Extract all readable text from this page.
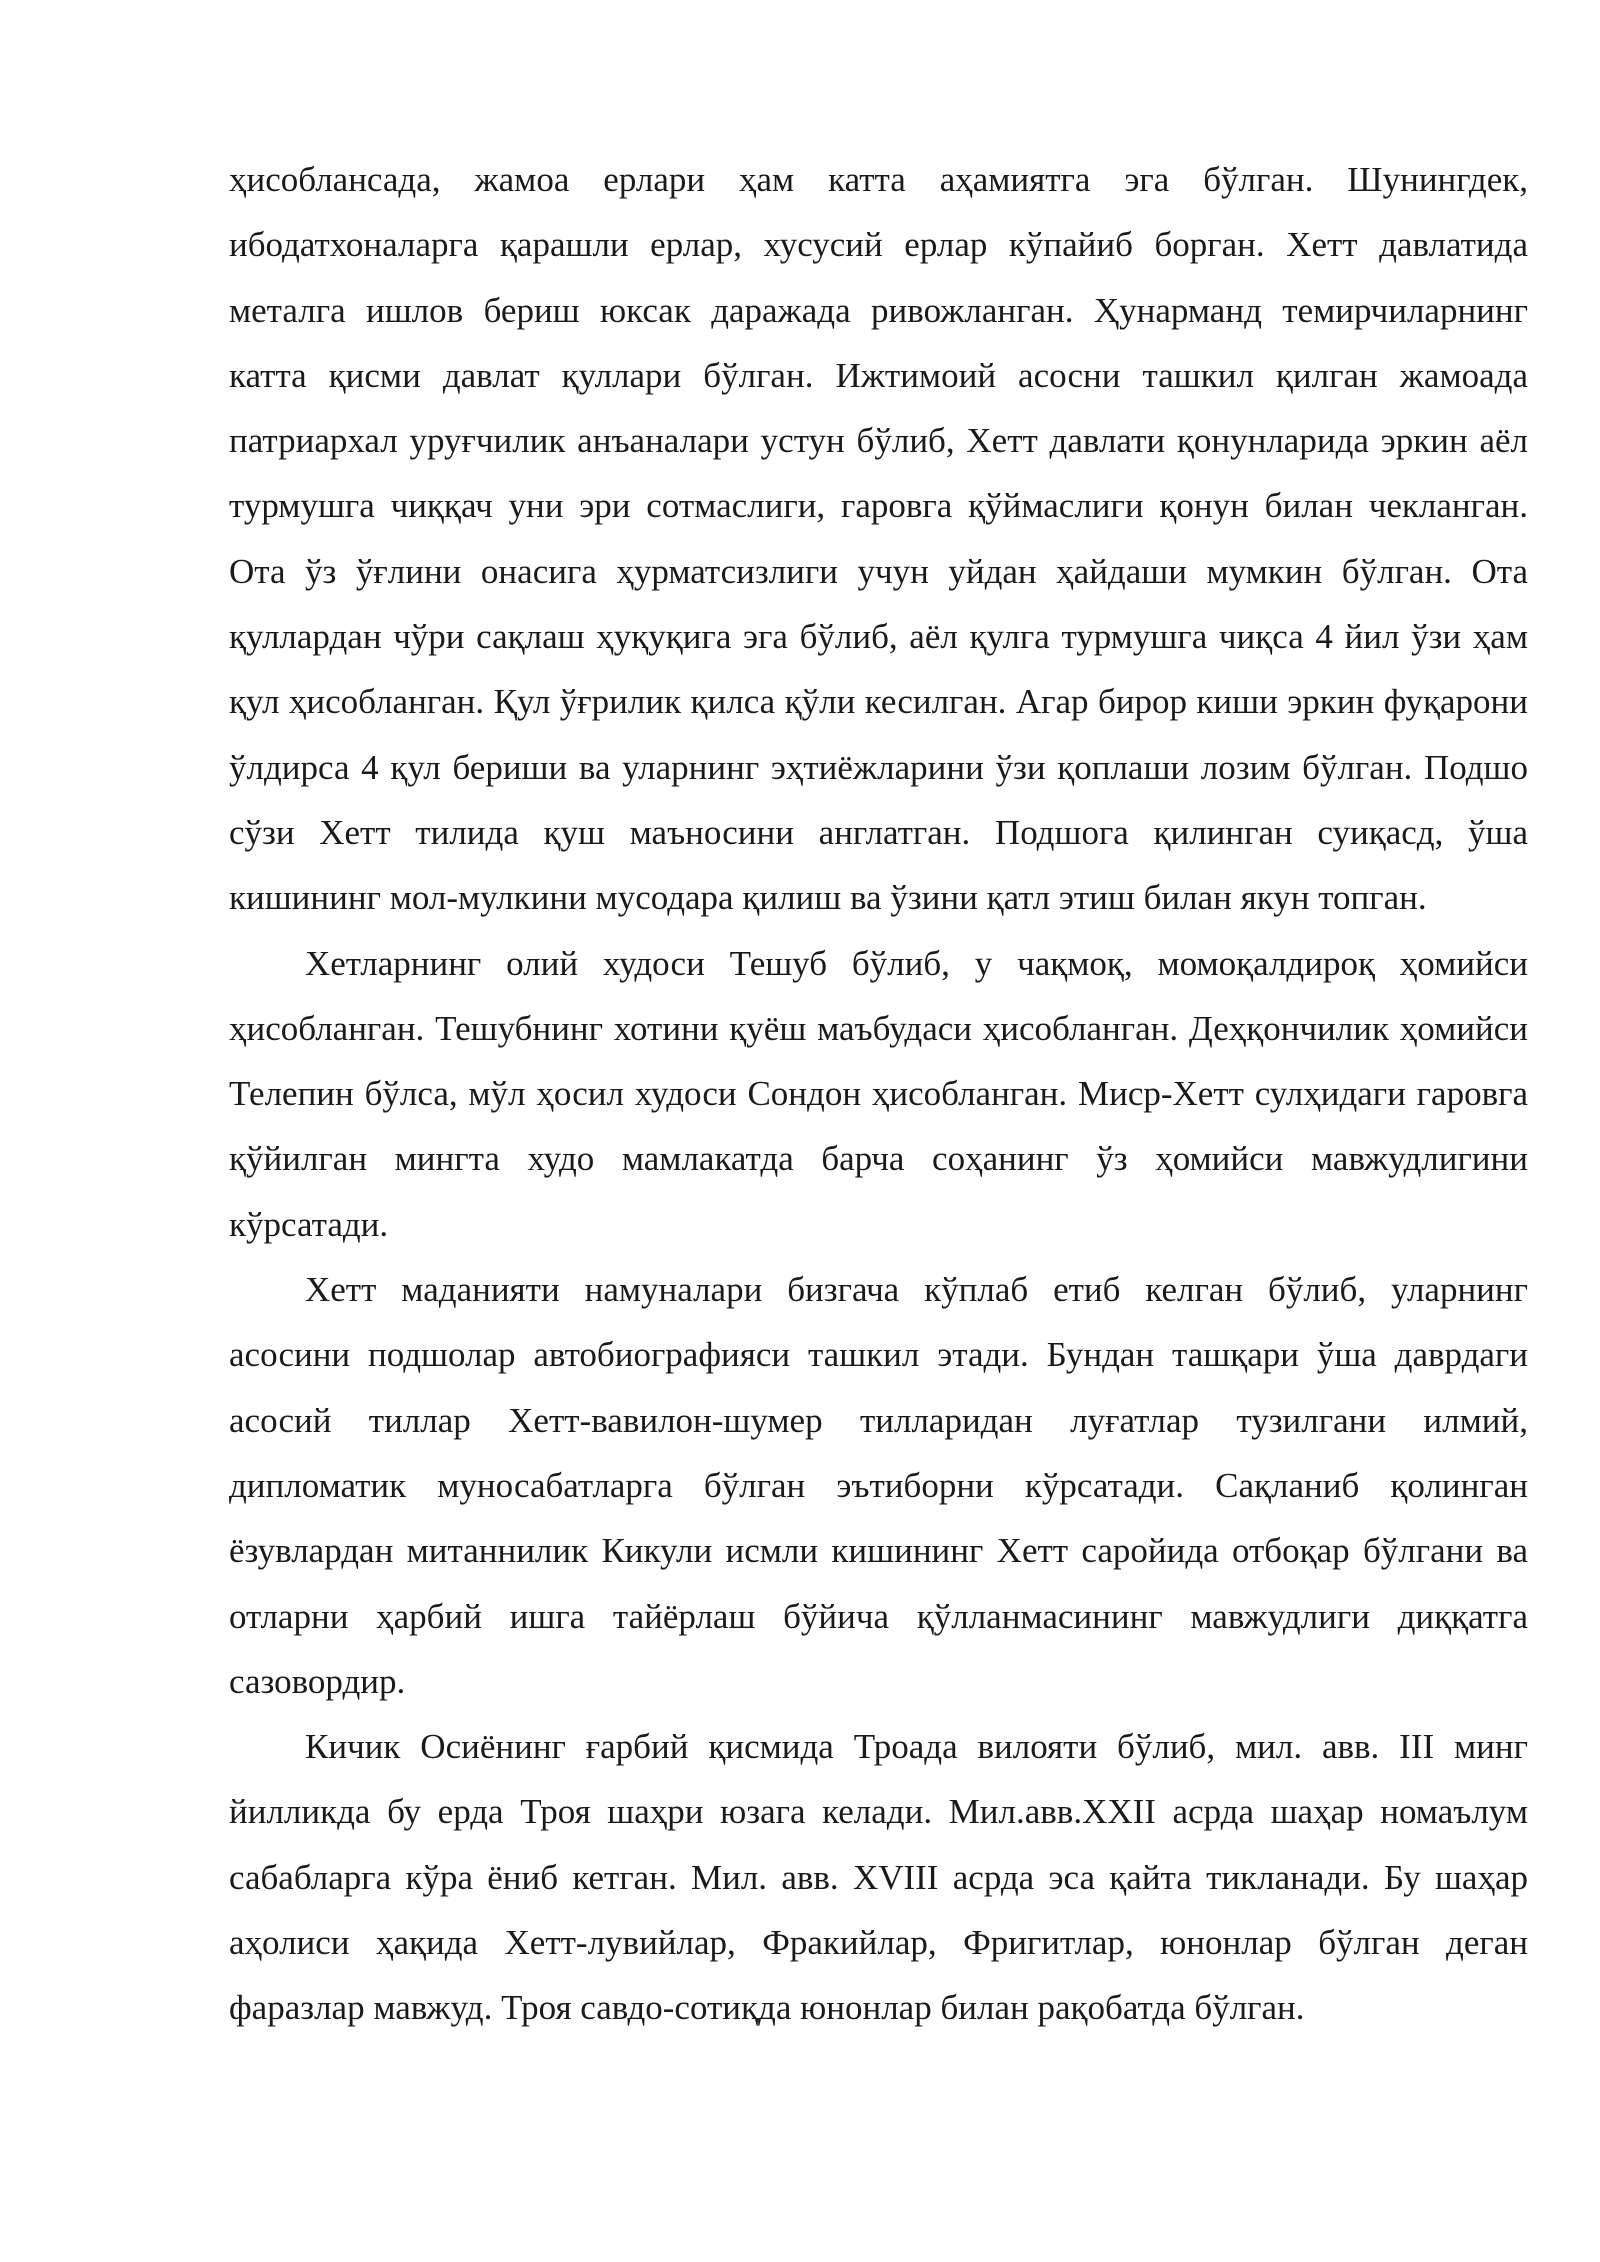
ҳисоблансада, жамоа ерлари ҳам катта аҳамиятга эга бўлган. Шунингдек, ибодатхоналарга қарашли ерлар, хусусий ерлар кўпайиб борган. Хетт давлатида металга ишлов бериш юксак даражада ривожланган. Ҳунарманд темирчиларнинг катта қисми давлат қуллари бўлган. Ижтимоий асосни ташкил қилган жамоада патриархал уруғчилик анъаналари устун бўлиб, Хетт давлати қонунларида эркин аёл турмушга чиққач уни эри сотмаслиги, гаровга қўймаслиги қонун билан чекланган. Ота ўз ўғлини онасига ҳурматсизлиги учун уйдан ҳайдаши мумкин бўлган. Ота қуллардан чўри сақлаш ҳуқуқига эга бўлиб, аёл қулга турмушга чиқса 4 йил ўзи ҳам қул ҳисобланган. Қул ўғрилик қилса қўли кесилган. Агар бирор киши эркин фуқарони ўлдирса 4 қул бериши ва уларнинг эҳтиёжларини ўзи қоплаши лозим бўлган. Подшо сўзи Хетт тилида қуш маъносини англатган. Подшога қилинган суиқасд, ўша кишининг мол-мулкини мусодара қилиш ва ўзини қатл этиш билан якун топган.

Хетларнинг олий худоси Тешуб бўлиб, у чақмоқ, момоқалдироқ ҳомийси ҳисобланган. Тешубнинг хотини қуёш маъбудаси ҳисобланган. Деҳқончилик ҳомийси Телепин бўлса, мўл ҳосил худоси Сондон ҳисобланган. Миср-Хетт сулҳидаги гаровга қўйилган мингта худо мамлакатда барча соҳанинг ўз ҳомийси мавжудлигини кўрсатади.

Хетт маданияти намуналари бизгача кўплаб етиб келган бўлиб, уларнинг асосини подшолар автобиографияси ташкил этади. Бундан ташқари ўша даврдаги асосий тиллар Хетт-вавилон-шумер тилларидан луғатлар тузилгани илмий, дипломатик муносабатларга бўлган эътиборни кўрсатади. Сақланиб қолинган ёзувлардан митаннилик Кикули исмли кишининг Хетт саройида отбоқар бўлгани ва отларни ҳарбий ишга тайёрлаш бўйича қўлланмасининг мавжудлиги диққатга сазовордир.

Кичик Осиёнинг ғарбий қисмида Троада вилояти бўлиб, мил. авв. III минг йилликда бу ерда Троя шаҳри юзага келади. Мил.авв.XXII асрда шаҳар номаълум сабабларга кўра ёниб кетган. Мил. авв. XVIII асрда эса қайта тикланади. Бу шаҳар аҳолиси ҳақида Хетт-лувийлар, Фракийлар, Фригитлар, юнонлар бўлган деган фаразлар мавжуд. Троя савдо-сотиқда юнонлар билан рақобатда бўлган.
